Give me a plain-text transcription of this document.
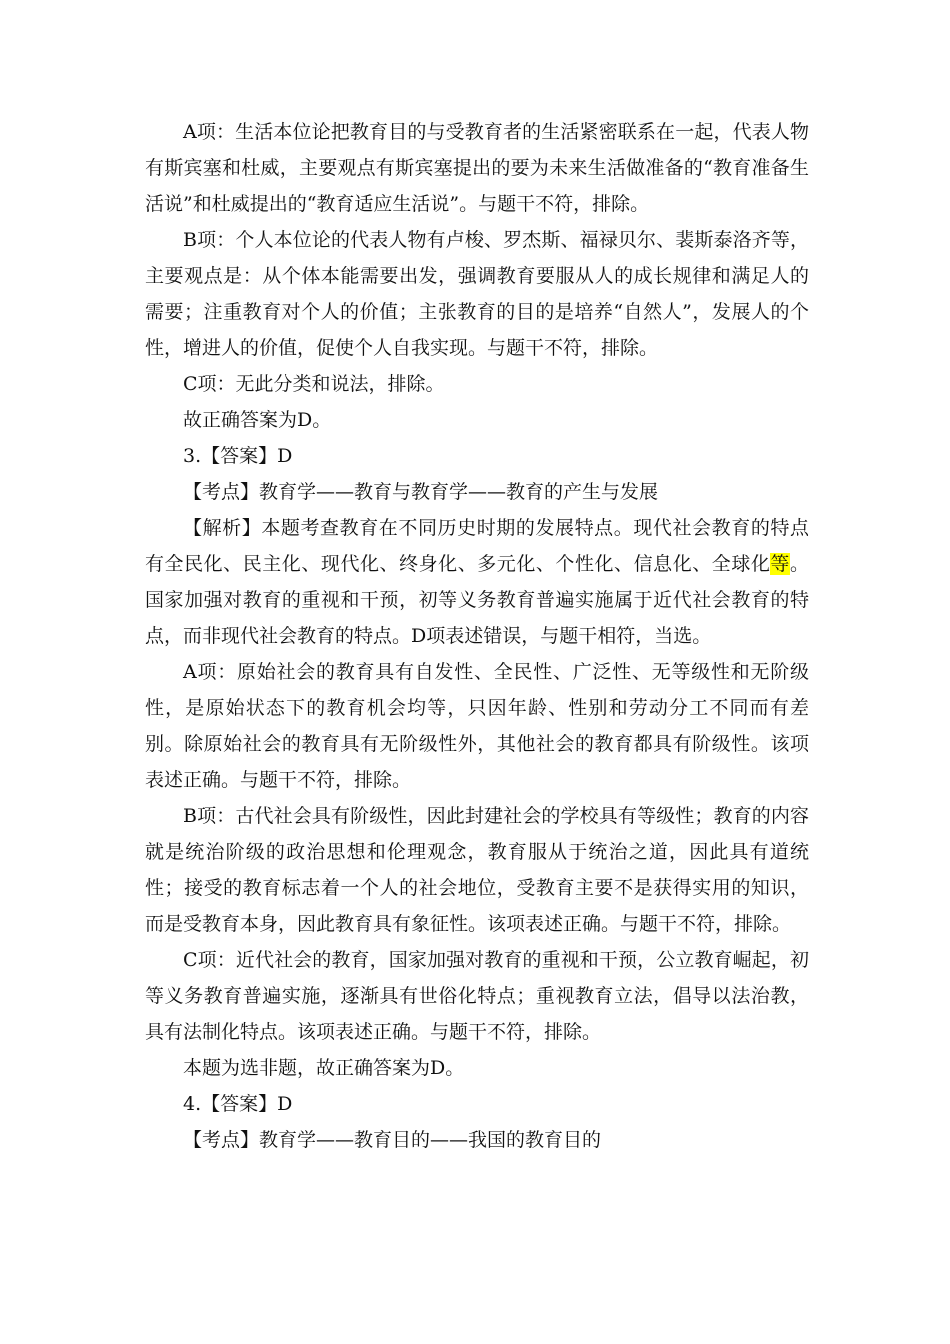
A项：生活本位论把教育目的与受教育者的生活紧密联系在一起，代表人物有斯宾塞和杜威，主要观点有斯宾塞提出的要为未来生活做准备的“教育准备生活说”和杜威提出的“教育适应生活说”。与题干不符，排除。

B项：个人本位论的代表人物有卢梭、罗杰斯、福禄贝尔、裴斯泰洛齐等，主要观点是：从个体本能需要出发，强调教育要服从人的成长规律和满足人的需要；注重教育对个人的价值；主张教育的目的是培养“自然人”，发展人的个性，增进人的价值，促使个人自我实现。与题干不符，排除。

C项：无此分类和说法，排除。

故正确答案为D。

3.【答案】D

【考点】教育学——教育与教育学——教育的产生与发展

【解析】本题考查教育在不同历史时期的发展特点。现代社会教育的特点有全民化、民主化、现代化、终身化、多元化、个性化、信息化、全球化等。国家加强对教育的重视和干预，初等义务教育普遍实施属于近代社会教育的特点，而非现代社会教育的特点。D项表述错误，与题干相符，当选。

A项：原始社会的教育具有自发性、全民性、广泛性、无等级性和无阶级性，是原始状态下的教育机会均等，只因年龄、性别和劳动分工不同而有差别。除原始社会的教育具有无阶级性外，其他社会的教育都具有阶级性。该项表述正确。与题干不符，排除。

B项：古代社会具有阶级性，因此封建社会的学校具有等级性；教育的内容就是统治阶级的政治思想和伦理观念，教育服从于统治之道，因此具有道统性；接受的教育标志着一个人的社会地位，受教育主要不是获得实用的知识，而是受教育本身，因此教育具有象征性。该项表述正确。与题干不符，排除。

C项：近代社会的教育，国家加强对教育的重视和干预，公立教育崛起，初等义务教育普遍实施，逐渐具有世俗化特点；重视教育立法，倡导以法治教，具有法制化特点。该项表述正确。与题干不符，排除。

本题为选非题，故正确答案为D。

4.【答案】D

【考点】教育学——教育目的——我国的教育目的
